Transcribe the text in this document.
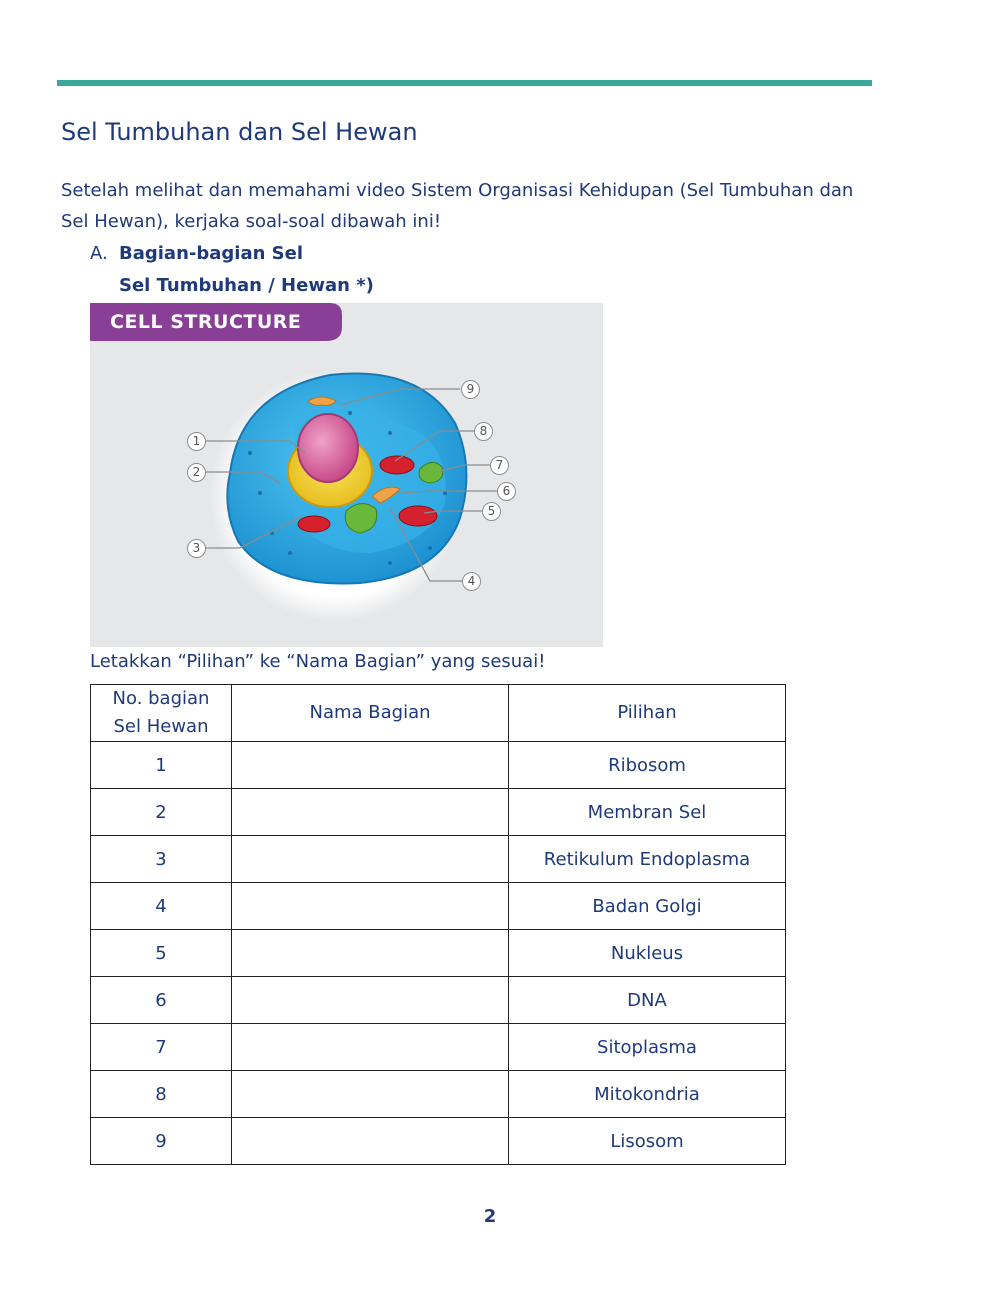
Sel Tumbuhan dan Sel Hewan
Setelah melihat dan memahami video Sistem Organisasi Kehidupan (Sel Tumbuhan dan Sel Hewan), kerjaka soal-soal dibawah ini!
A. Bagian-bagian Sel
Sel Tumbuhan / Hewan *)
CELL STRUCTURE
1
2
3
4
5
6
7
8
9
Letakkan “Pilihan” ke “Nama Bagian” yang sesuai!
No. bagian Sel Hewan	Nama Bagian	Pilihan
1		Ribosom
2		Membran Sel
3		Retikulum Endoplasma
4		Badan Golgi
5		Nukleus
6		DNA
7		Sitoplasma
8		Mitokondria
9		Lisosom
2
